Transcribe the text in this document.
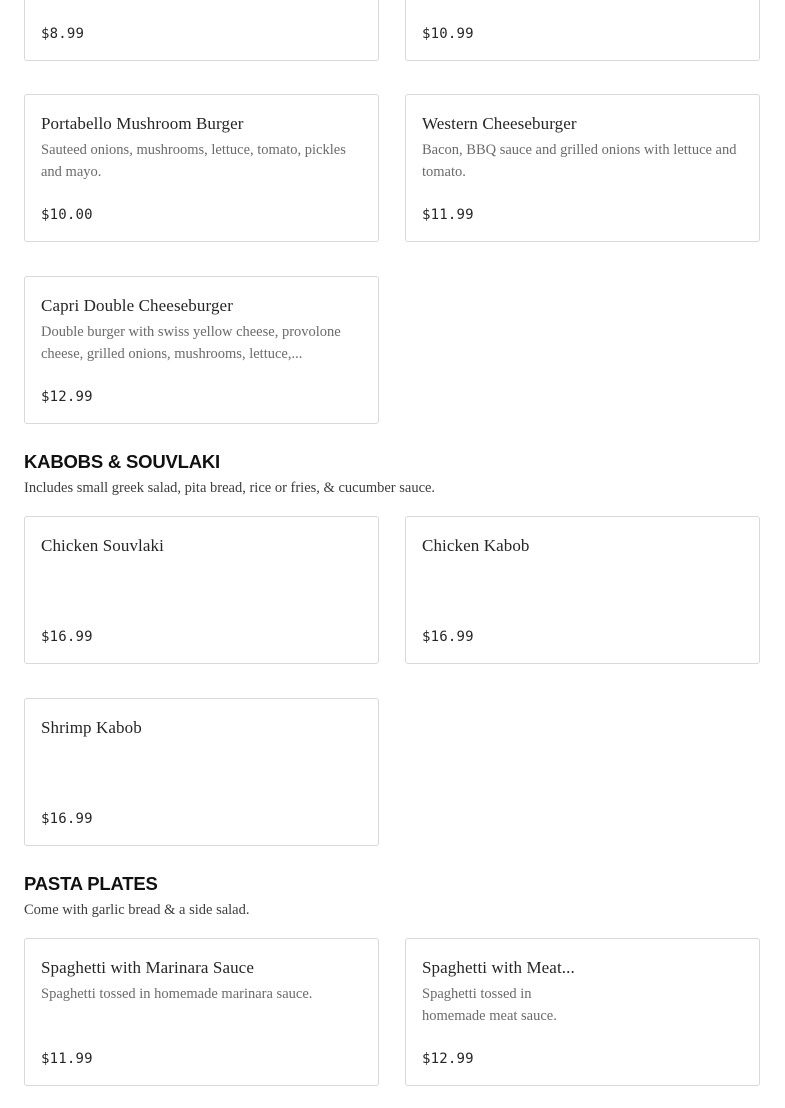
$8.99	$10.99
Portabello Mushroom Burger
Sauteed onions, mushrooms, lettuce, tomato, pickles and mayo.
$10.00
Western Cheeseburger
Bacon, BBQ sauce and grilled onions with lettuce and tomato.
$11.99
Capri Double Cheeseburger
Double burger with swiss yellow cheese, provolone cheese, grilled onions, mushrooms, lettuce,...
$12.99
KABOBS & SOUVLAKI
Includes small greek salad, pita bread, rice or fries, & cucumber sauce.
Chicken Souvlaki
$16.99
Chicken Kabob
$16.99
Shrimp Kabob
$16.99
PASTA PLATES
Come with garlic bread & a side salad.
Spaghetti with Marinara Sauce
Spaghetti tossed in homemade marinara sauce.
$11.99
Spaghetti with Meat...
Spaghetti tossed in homemade meat sauce.
$12.99
